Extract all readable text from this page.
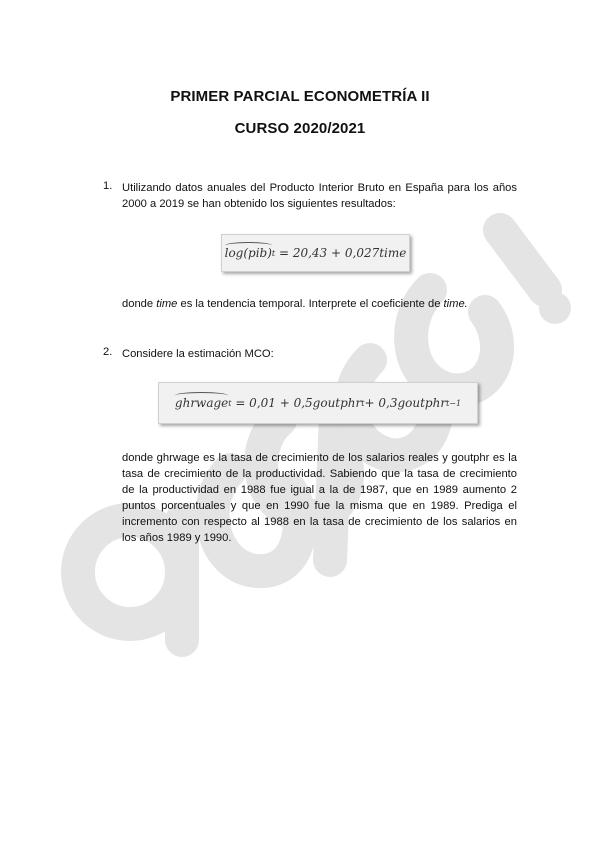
PRIMER PARCIAL ECONOMETRÍA II
CURSO 2020/2021
1. Utilizando datos anuales del Producto Interior Bruto en España para los años 2000 a 2019 se han obtenido los siguientes resultados:
log(pib) t
= 20,43 + 0,027time
donde time es la tendencia temporal. Interprete el coeficiente de time.
2. Considere la estimación MCO:
ghrwage t
= 0,01 + 0,5goutphr t + 0,3goutphr t−1
donde ghrwage es la tasa de crecimiento de los salarios reales y goutphr es la tasa de crecimiento de la productividad. Sabiendo que la tasa de crecimiento de la productividad en 1988 fue igual a la de 1987, que en 1989 aumento 2 puntos porcentuales y que en 1990 fue la misma que en 1989. Prediga el incremento con respecto al 1988 en la tasa de crecimiento de los salarios en los años 1989 y 1990.
